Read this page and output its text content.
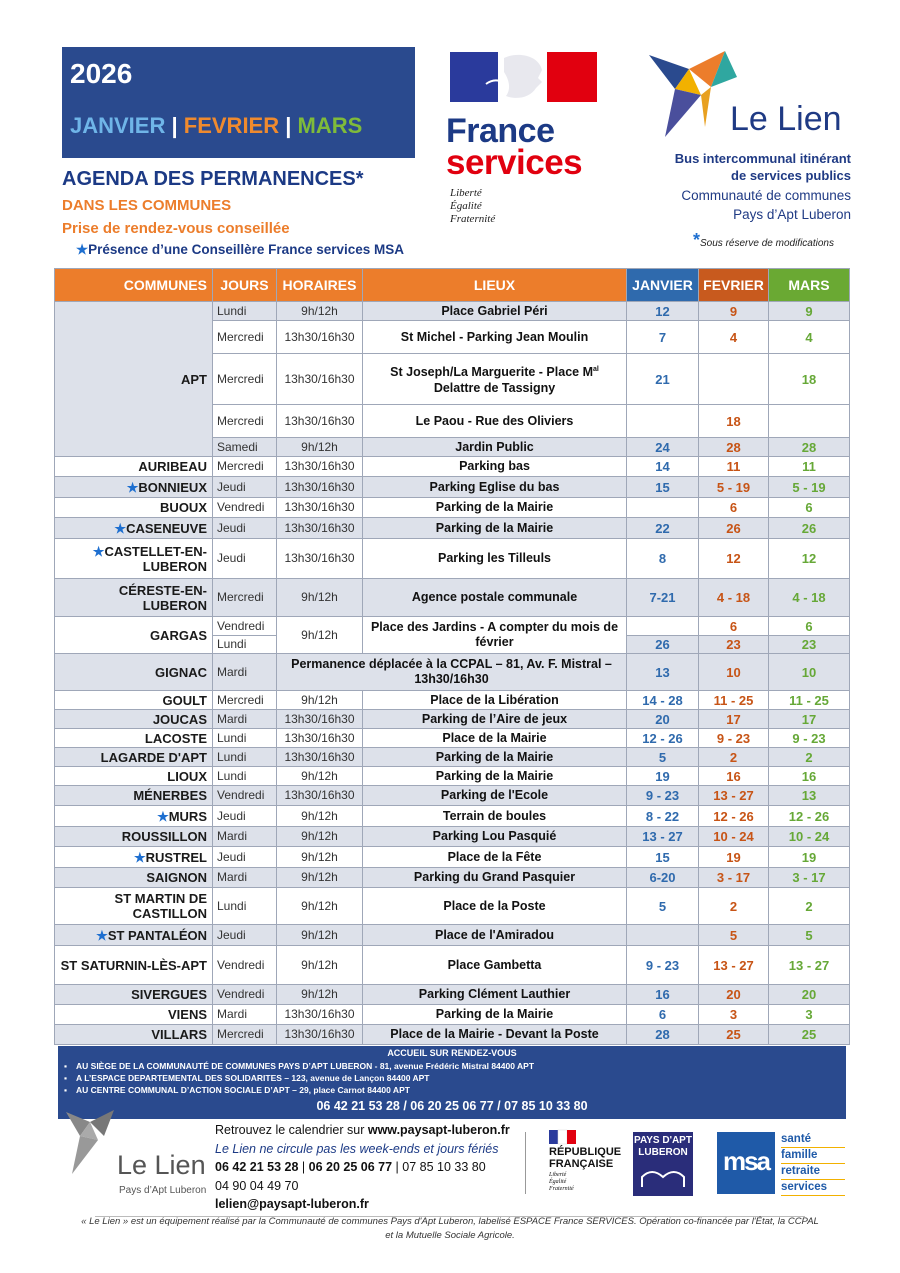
2026
JANVIER | FEVRIER | MARS
AGENDA DES PERMANENCES*
DANS LES COMMUNES
Prise de rendez-vous conseillée
★Présence d’une Conseillère France services MSA
France
services
Liberté
Égalité
Fraternité
Le Lien
Bus intercommunal itinérant
de services publics
Communauté de communes
Pays d’Apt Luberon
*Sous réserve de modifications
COMMUNES	JOURS	HORAIRES	LIEUX	JANVIER	FEVRIER	MARS
APT	Lundi	9h/12h	Place Gabriel Péri	12	9	9
	Mercredi	13h30/16h30	St Michel - Parking Jean Moulin	7	4	4
	Mercredi	13h30/16h30	St Joseph/La Marguerite - Place $M^{al}$
Delattre de Tassigny	21		18
	Mercredi	13h30/16h30	Le Paou - Rue des Oliviers		18	
	Samedi	9h/12h	Jardin Public	24	28	28
AURIBEAU	Mercredi	13h30/16h30	Parking bas	14	11	11
★BONNIEUX	Jeudi	13h30/16h30	Parking Eglise du bas	15	5 - 19	5 - 19
BUOUX	Vendredi	13h30/16h30	Parking de la Mairie		6	6
★CASENEUVE	Jeudi	13h30/16h30	Parking de la Mairie	22	26	26
★CASTELLET-EN-LUBERON	Jeudi	13h30/16h30	Parking les Tilleuls	8	12	12
CÉRESTE-EN-LUBERON	Mercredi	9h/12h	Agence postale communale	7-21	4 - 18	4 - 18
GARGAS	Vendredi	9h/12h	Place des Jardins - A compter du mois de février		6	6
	Lundi			26	23	23
GIGNAC	Mardi	Permanence déplacée à la CCPAL – 81, Av. F. Mistral – 13h30/16h30		13	10	10
GOULT	Mercredi	9h/12h	Place de la Libération	14 - 28	11 - 25	11 - 25
JOUCAS	Mardi	13h30/16h30	Parking de l’Aire de jeux	20	17	17
LACOSTE	Lundi	13h30/16h30	Place de la Mairie	12 - 26	9 - 23	9 - 23
LAGARDE D'APT	Lundi	13h30/16h30	Parking de la Mairie	5	2	2
LIOUX	Lundi	9h/12h	Parking de la Mairie	19	16	16
MÉNERBES	Vendredi	13h30/16h30	Parking de l'Ecole	9 - 23	13 - 27	13
★MURS	Jeudi	9h/12h	Terrain de boules	8 - 22	12 - 26	12 - 26
ROUSSILLON	Mardi	9h/12h	Parking Lou Pasquié	13 - 27	10 - 24	10 - 24
★RUSTREL	Jeudi	9h/12h	Place de la Fête	15	19	19
SAIGNON	Mardi	9h/12h	Parking du Grand Pasquier	6-20	3 - 17	3 - 17
ST MARTIN DE CASTILLON	Lundi	9h/12h	Place de la Poste	5	2	2
★ST PANTALÉON	Jeudi	9h/12h	Place de l'Amiradou		5	5
ST SATURNIN-LÈS-APT	Vendredi	9h/12h	Place Gambetta	9 - 23	13 - 27	13 - 27
SIVERGUES	Vendredi	9h/12h	Parking Clément Lauthier	16	20	20
VIENS	Mardi	13h30/16h30	Parking de la Mairie	6	3	3
VILLARS	Mercredi	13h30/16h30	Place de la Mairie - Devant la Poste	28	25	25
ACCUEIL SUR RENDEZ-VOUS
▪ AU SIÈGE DE LA COMMUNAUTÉ DE COMMUNES PAYS D’APT LUBERON - 81, avenue Frédéric Mistral 84400 APT
▪ A L’ESPACE DEPARTEMENTAL DES SOLIDARITES – 123, avenue de Lançon 84400 APT
▪ AU CENTRE COMMUNAL D’ACTION SOCIALE D’APT – 29, place Carnot 84400 APT
06 42 21 53 28 / 06 20 25 06 77 / 07 85 10 33 80
Le Lien
Pays d’Apt Luberon
Retrouvez le calendrier sur www.paysapt-luberon.fr
Le Lien ne circule pas les week-ends et jours fériés
06 42 21 53 28 | 06 20 25 06 77 | 07 85 10 33 80
04 90 04 49 70
lelien@paysapt-luberon.fr
RÉPUBLIQUE
FRANÇAISE
Liberté
Égalité
Fraternité
PAYS D'APT
LUBERON msa
santé
famille
retraite
services
« Le Lien » est un équipement réalisé par la Communauté de communes Pays d'Apt Luberon, labelisé ESPACE France SERVICES. Opération co-financée par l'État, la CCPAL et la Mutuelle Sociale Agricole.
